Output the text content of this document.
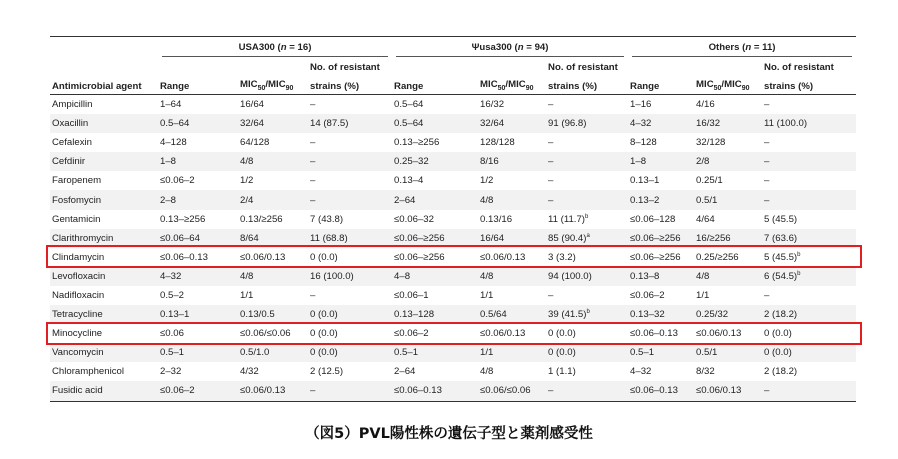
	USA300 (n = 16)			Ψusa300 (n = 94)			Others (n = 11)		
			No. of resistant			No. of resistant			No. of resistant
Antimicrobial agent	Range	$MIC_{50}/MIC_{90}$	strains (%)	Range	$MIC_{50}/MIC_{90}$	strains (%)	Range	$MIC_{50}/MIC_{90}$	strains (%)
Ampicillin	1–64	16/64	–	0.5–64	16/32	–	1–16	4/16	–
Oxacillin	0.5–64	32/64	14 (87.5)	0.5–64	32/64	91 (96.8)	4–32	16/32	11 (100.0)
Cefalexin	4–128	64/128	–	0.13–≥256	128/128	–	8–128	32/128	–
Cefdinir	1–8	4/8	–	0.25–32	8/16	–	1–8	2/8	–
Faropenem	≤0.06–2	1/2	–	0.13–4	1/2	–	0.13–1	0.25/1	–
Fosfomycin	2–8	2/4	–	2–64	4/8	–	0.13–2	0.5/1	–
Gentamicin	0.13–≥256	0.13/≥256	7 (43.8)	≤0.06–32	0.13/16	11 $(11.7)^b$	≤0.06–128	4/64	5 (45.5)
Clarithromycin	≤0.06–64	8/64	11 (68.8)	≤0.06–≥256	16/64	85 $(90.4)^a$	≤0.06–≥256	16/≥256	7 (63.6)
Clindamycin	≤0.06–0.13	≤0.06/0.13	0 (0.0)	≤0.06–≥256	≤0.06/0.13	3 (3.2)	≤0.06–≥256	0.25/≥256	5 $(45.5)^b$
Levofloxacin	4–32	4/8	16 (100.0)	4–8	4/8	94 (100.0)	0.13–8	4/8	6 $(54.5)^b$
Nadifloxacin	0.5–2	1/1	–	≤0.06–1	1/1	–	≤0.06–2	1/1	–
Tetracycline	0.13–1	0.13/0.5	0 (0.0)	0.13–128	0.5/64	39 $(41.5)^b$	0.13–32	0.25/32	2 (18.2)
Minocycline	≤0.06	≤0.06/≤0.06	0 (0.0)	≤0.06–2	≤0.06/0.13	0 (0.0)	≤0.06–0.13	≤0.06/0.13	0 (0.0)
Vancomycin	0.5–1	0.5/1.0	0 (0.0)	0.5–1	1/1	0 (0.0)	0.5–1	0.5/1	0 (0.0)
Chloramphenicol	2–32	4/32	2 (12.5)	2–64	4/8	1 (1.1)	4–32	8/32	2 (18.2)
Fusidic acid	≤0.06–2	≤0.06/0.13	–	≤0.06–0.13	≤0.06/≤0.06	–	≤0.06–0.13	≤0.06/0.13	–
（図5）PVL陽性株の遺伝子型と薬剤感受性
